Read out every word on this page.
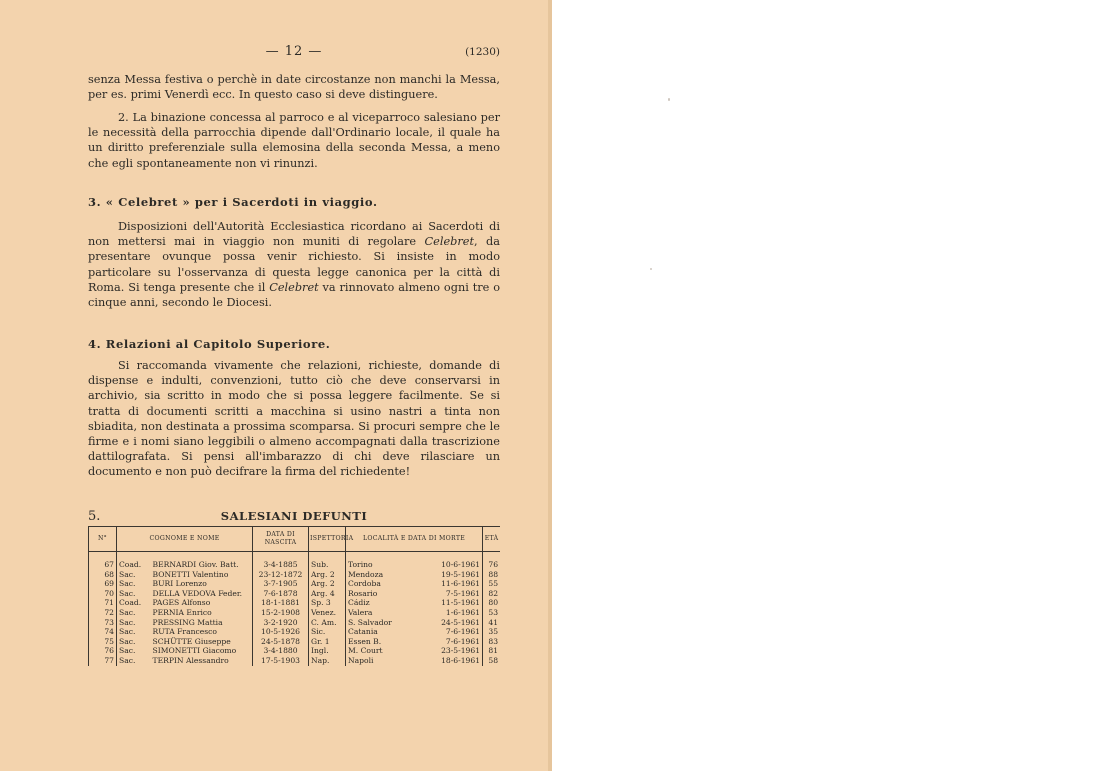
— 12 —	(1230)

senza Messa festiva o perchè in date circostanze non manchi la Messa, per es. primi Venerdì ecc. In questo caso si deve distinguere.

2. La binazione concessa al parroco e al viceparroco salesiano per le necessità della parrocchia dipende dall'Ordinario locale, il quale ha un diritto preferenziale sulla elemosina della seconda Messa, a meno che egli spontaneamente non vi rinunzi.

3. « Celebret » per i Sacerdoti in viaggio.

Disposizioni dell'Autorità Ecclesiastica ricordano ai Sacerdoti di non mettersi mai in viaggio non muniti di regolare Celebret, da presentare ovunque possa venir richiesto. Si insiste in modo particolare su l'osservanza di questa legge canonica per la città di Roma. Si tenga presente che il Celebret va rinnovato almeno ogni tre o cinque anni, secondo le Diocesi.

4. Relazioni al Capitolo Superiore.

Si raccomanda vivamente che relazioni, richieste, domande di dispense e indulti, convenzioni, tutto ciò che deve conservarsi in archivio, sia scritto in modo che si possa leggere facilmente. Se si tratta di documenti scritti a macchina si usino nastri a tinta non sbiadita, non destinata a prossima scomparsa. Si procuri sempre che le firme e i nomi siano leggibili o almeno accompagnati dalla trascrizione dattilografata. Si pensi all'imbarazzo di chi deve rilasciare un documento e non può decifrare la firma del richiedente!

5.	SALESIANI DEFUNTI
N°	COGNOME E NOME		DATA DI NASCITA	ISPETTORIA	LOCALITÀ E DATA DI MORTE		ETÀ

67	Coad.	BERNARDI Giov. Batt.	3-4-1885	Sub.	Torino	10-6-1961	76
68	Sac.	BONETTI Valentino	23-12-1872	Arg. 2	Mendoza	19-5-1961	88
69	Sac.	BURI Lorenzo	3-7-1905	Arg. 2	Cordoba	11-6-1961	55
70	Sac.	DELLA VEDOVA Feder.	7-6-1878	Arg. 4	Rosario	7-5-1961	82
71	Coad.	PAGES Alfonso	18-1-1881	Sp. 3	Cádiz	11-5-1961	80
72	Sac.	PERNIA Enrico	15-2-1908	Venez.	Valera	1-6-1961	53
73	Sac.	PRESSING Mattia	3-2-1920	C. Am.	S. Salvador	24-5-1961	41
74	Sac.	RUTA Francesco	10-5-1926	Sic.	Catania	7-6-1961	35
75	Sac.	SCHÜTTE Giuseppe	24-5-1878	Gr. 1	Essen B.	7-6-1961	83
76	Sac.	SIMONETTI Giacomo	3-4-1880	Ingl.	M. Court	23-5-1961	81
77	Sac.	TERPIN Alessandro	17-5-1903	Nap.	Napoli	18-6-1961	58
